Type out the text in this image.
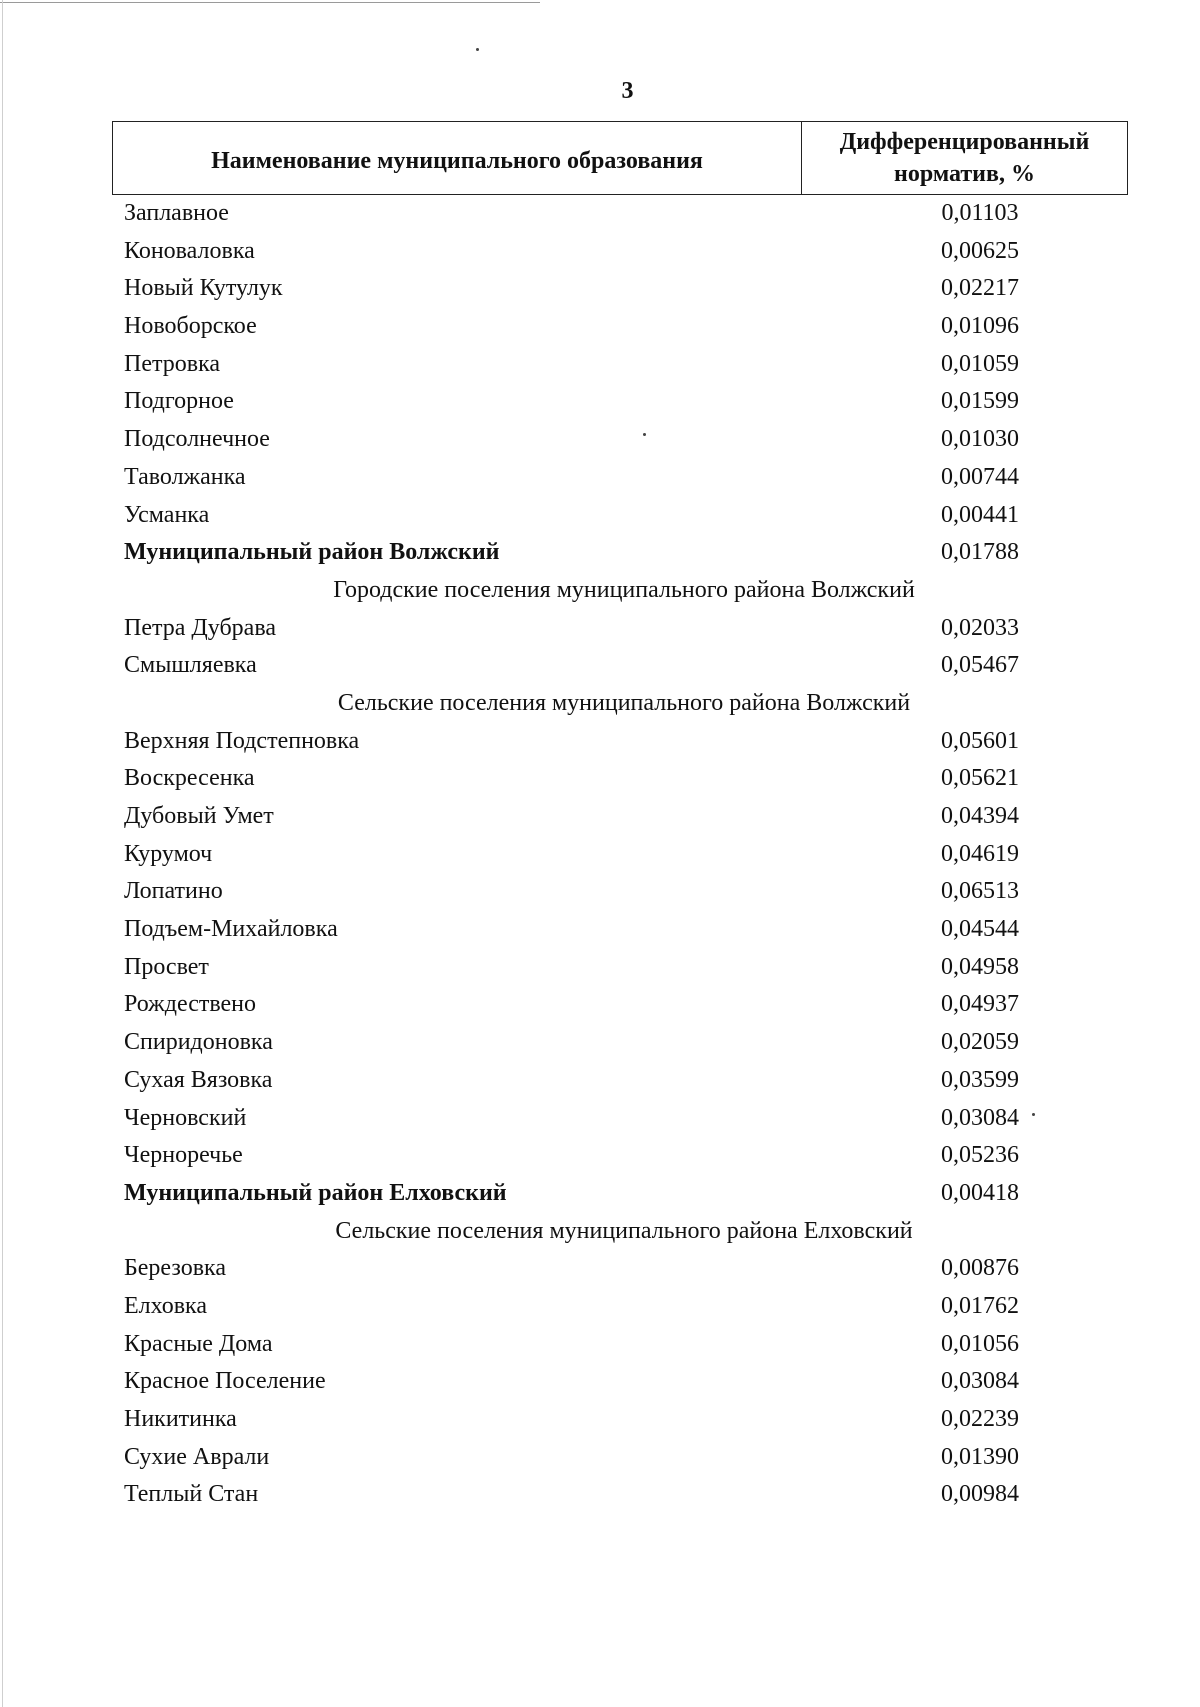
3
Наименование муниципального образования
Дифференцированный
норматив, %
Заплавное	0,01103
Коноваловка	0,00625
Новый Кутулук	0,02217
Новоборское	0,01096
Петровка	0,01059
Подгорное	0,01599
Подсолнечное	0,01030
Таволжанка	0,00744
Усманка	0,00441
Муниципальный район Волжский	0,01788
Городские поселения муниципального района Волжский
Петра Дубрава	0,02033
Смышляевка	0,05467
Сельские поселения муниципального района Волжский
Верхняя Подстепновка	0,05601
Воскресенка	0,05621
Дубовый Умет	0,04394
Курумоч	0,04619
Лопатино	0,06513
Подъем-Михайловка	0,04544
Просвет	0,04958
Рождествено	0,04937
Спиридоновка	0,02059
Сухая Вязовка	0,03599
Черновский	0,03084
Черноречье	0,05236
Муниципальный район Елховский	0,00418
Сельские поселения муниципального района Елховский
Березовка	0,00876
Елховка	0,01762
Красные Дома	0,01056
Красное Поселение	0,03084
Никитинка	0,02239
Сухие Аврали	0,01390
Теплый Стан	0,00984
